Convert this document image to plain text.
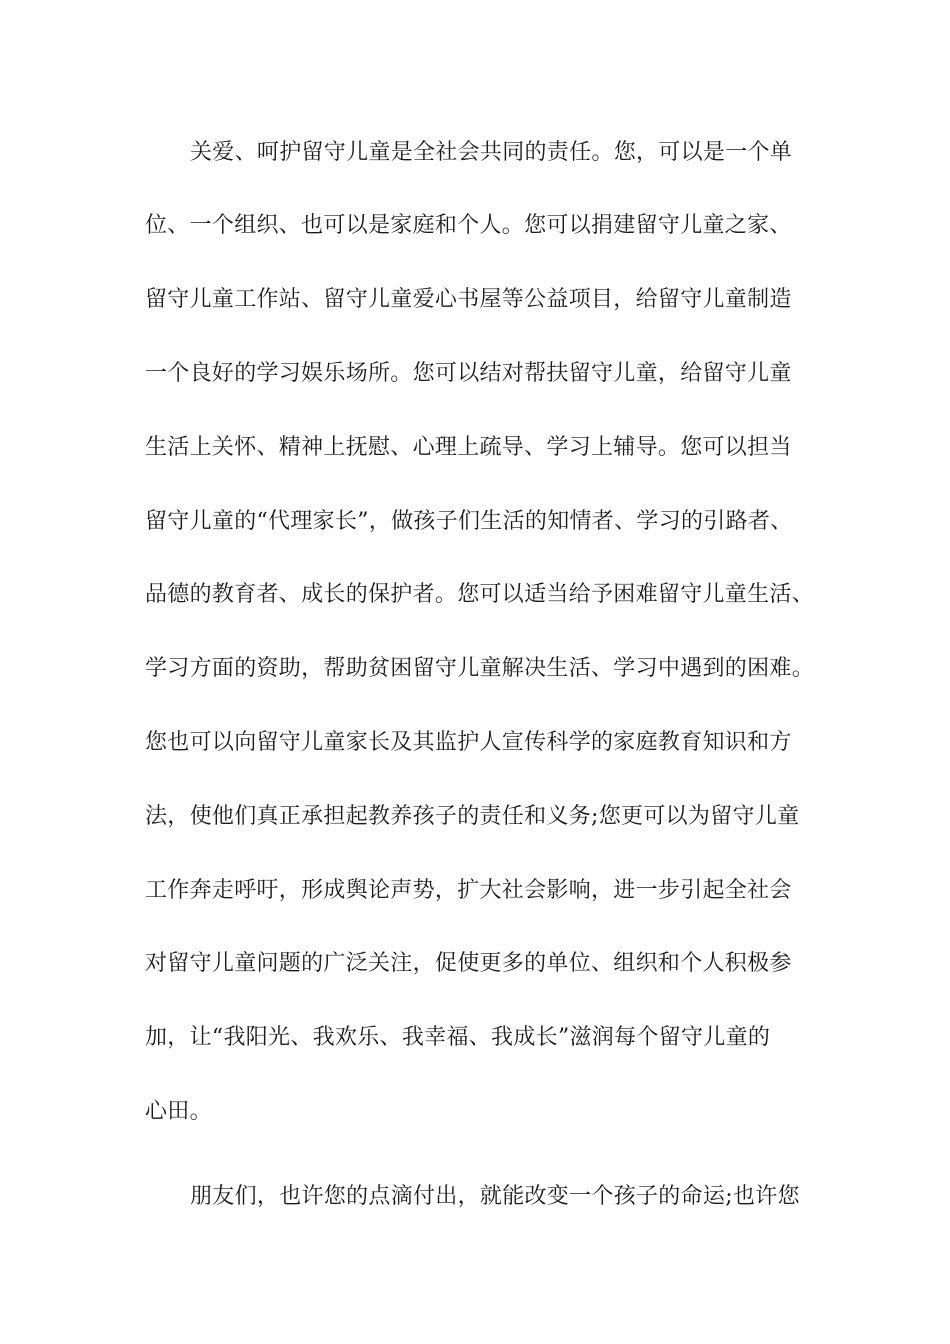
关爱、呵护留守儿童是全社会共同的责任。您，可以是一个单
位、一个组织、也可以是家庭和个人。您可以捐建留守儿童之家、
留守儿童工作站、留守儿童爱心书屋等公益项目，给留守儿童制造
一个良好的学习娱乐场所。您可以结对帮扶留守儿童，给留守儿童
生活上关怀、精神上抚慰、心理上疏导、学习上辅导。您可以担当
留守儿童的“代理家长”，做孩子们生活的知情者、学习的引路者、
品德的教育者、成长的保护者。您可以适当给予困难留守儿童生活、
学习方面的资助，帮助贫困留守儿童解决生活、学习中遇到的困难。
您也可以向留守儿童家长及其监护人宣传科学的家庭教育知识和方
法，使他们真正承担起教养孩子的责任和义务;您更可以为留守儿童
工作奔走呼吁，形成舆论声势，扩大社会影响，进一步引起全社会
对留守儿童问题的广泛关注，促使更多的单位、组织和个人积极参
加，让“我阳光、我欢乐、我幸福、我成长”滋润每个留守儿童的
心田。
朋友们，也许您的点滴付出，就能改变一个孩子的命运;也许您
